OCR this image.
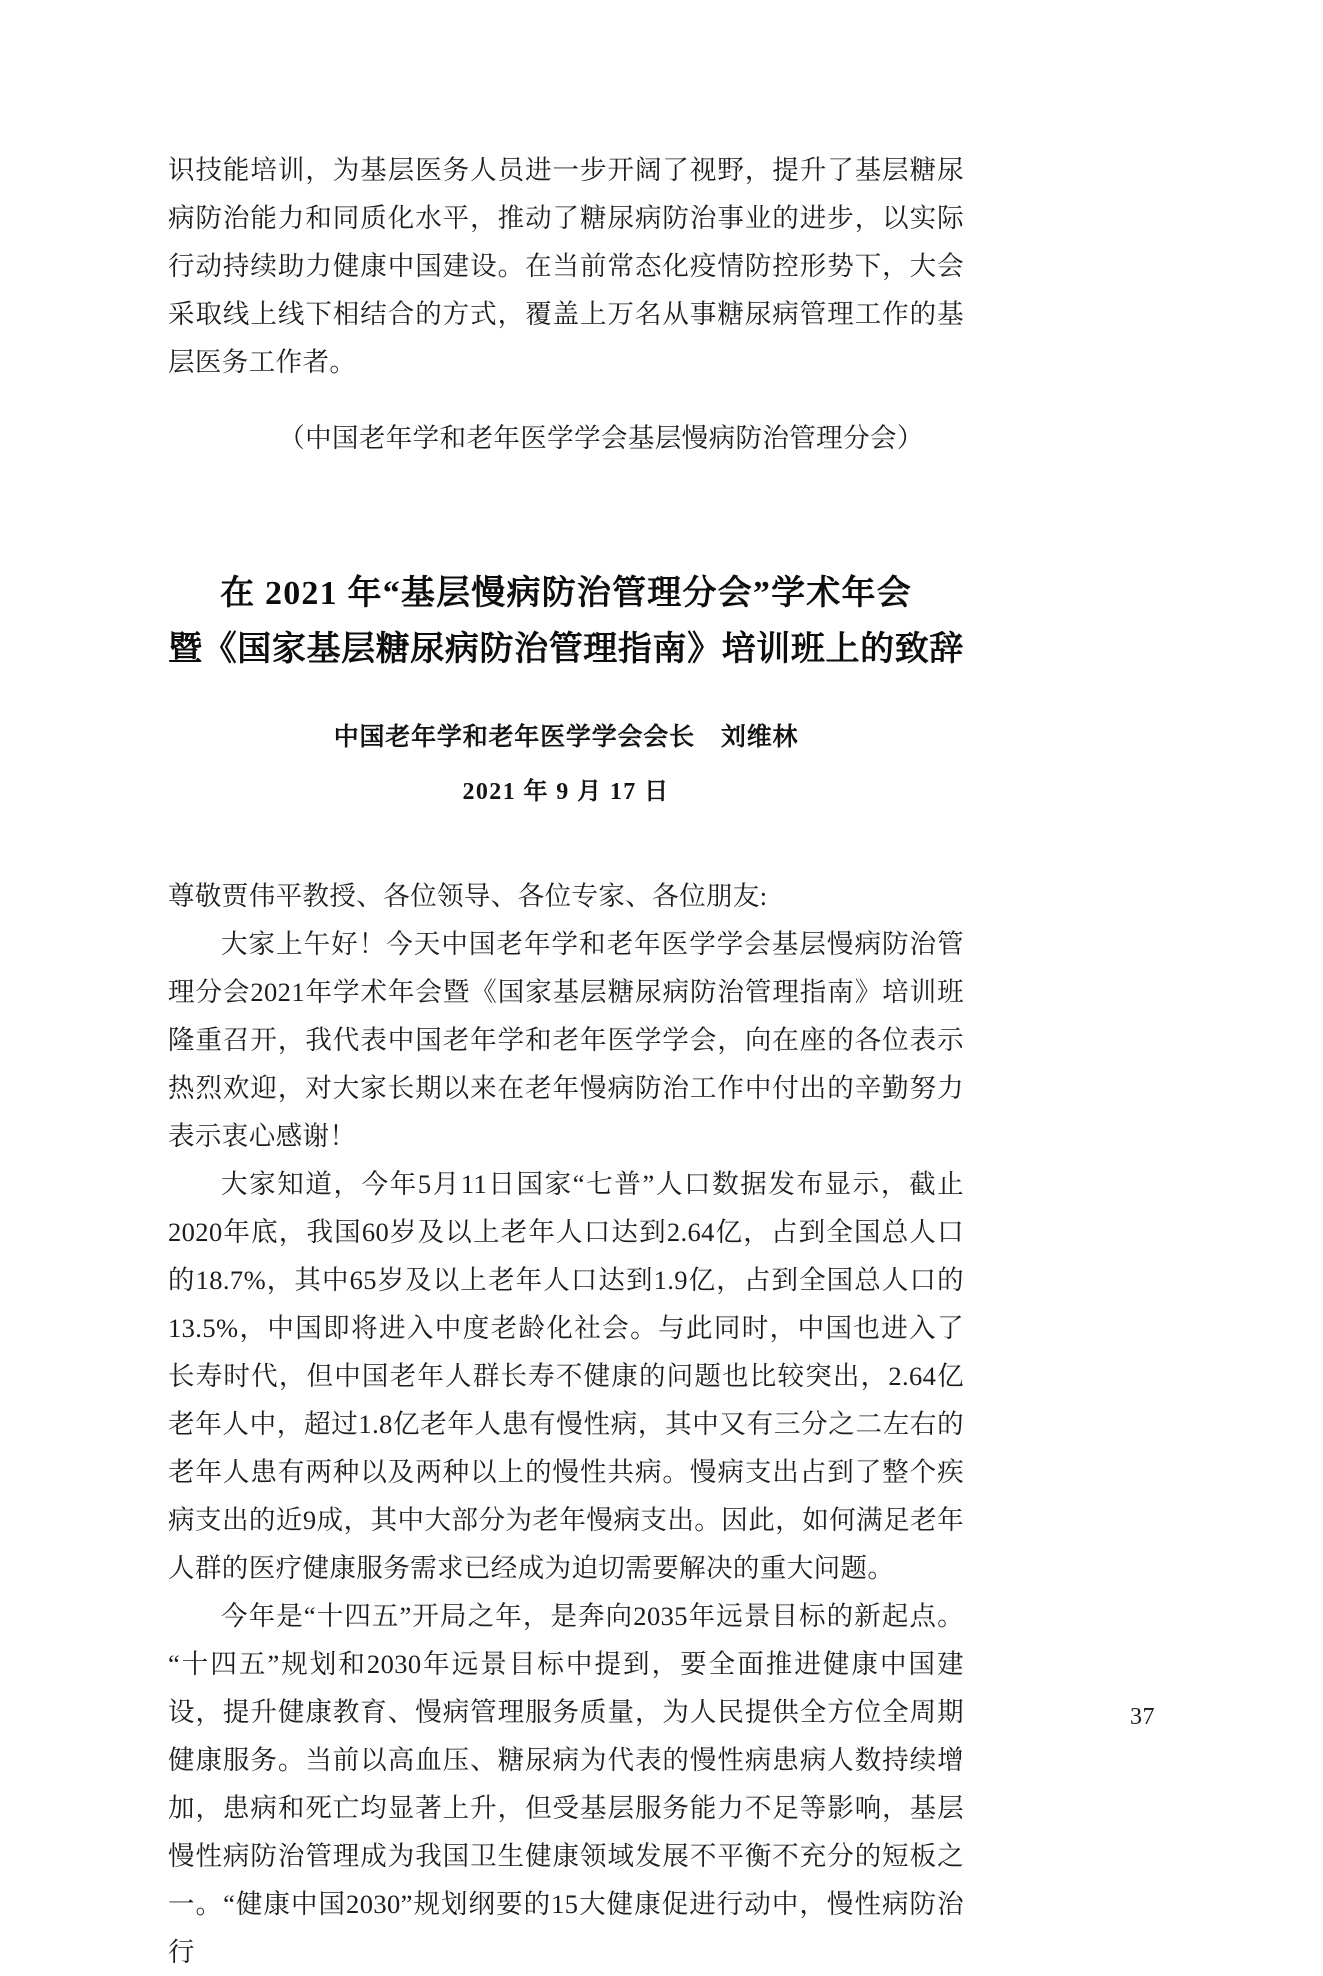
识技能培训，为基层医务人员进一步开阔了视野，提升了基层糖尿病防治能力和同质化水平，推动了糖尿病防治事业的进步，以实际行动持续助力健康中国建设。在当前常态化疫情防控形势下，大会采取线上线下相结合的方式，覆盖上万名从事糖尿病管理工作的基层医务工作者。

（中国老年学和老年医学学会基层慢病防治管理分会）

在 2021 年“基层慢病防治管理分会”学术年会
暨《国家基层糖尿病防治管理指南》培训班上的致辞
中国老年学和老年医学学会会长 刘维林
2021 年 9 月 17 日

尊敬贾伟平教授、各位领导、各位专家、各位朋友:

大家上午好！今天中国老年学和老年医学学会基层慢病防治管理分会2021年学术年会暨《国家基层糖尿病防治管理指南》培训班隆重召开，我代表中国老年学和老年医学学会，向在座的各位表示热烈欢迎，对大家长期以来在老年慢病防治工作中付出的辛勤努力表示衷心感谢！

大家知道，今年5月11日国家“七普”人口数据发布显示，截止2020年底，我国60岁及以上老年人口达到2.64亿，占到全国总人口的18.7%，其中65岁及以上老年人口达到1.9亿，占到全国总人口的13.5%，中国即将进入中度老龄化社会。与此同时，中国也进入了长寿时代，但中国老年人群长寿不健康的问题也比较突出，2.64亿老年人中，超过1.8亿老年人患有慢性病，其中又有三分之二左右的老年人患有两种以及两种以上的慢性共病。慢病支出占到了整个疾病支出的近9成，其中大部分为老年慢病支出。因此，如何满足老年人群的医疗健康服务需求已经成为迫切需要解决的重大问题。

今年是“十四五”开局之年，是奔向2035年远景目标的新起点。“十四五”规划和2030年远景目标中提到，要全面推进健康中国建设，提升健康教育、慢病管理服务质量，为人民提供全方位全周期健康服务。当前以高血压、糖尿病为代表的慢性病患病人数持续增加，患病和死亡均显著上升，但受基层服务能力不足等影响，基层慢性病防治管理成为我国卫生健康领域发展不平衡不充分的短板之一。“健康中国2030”规划纲要的15大健康促进行动中，慢性病防治行

37
